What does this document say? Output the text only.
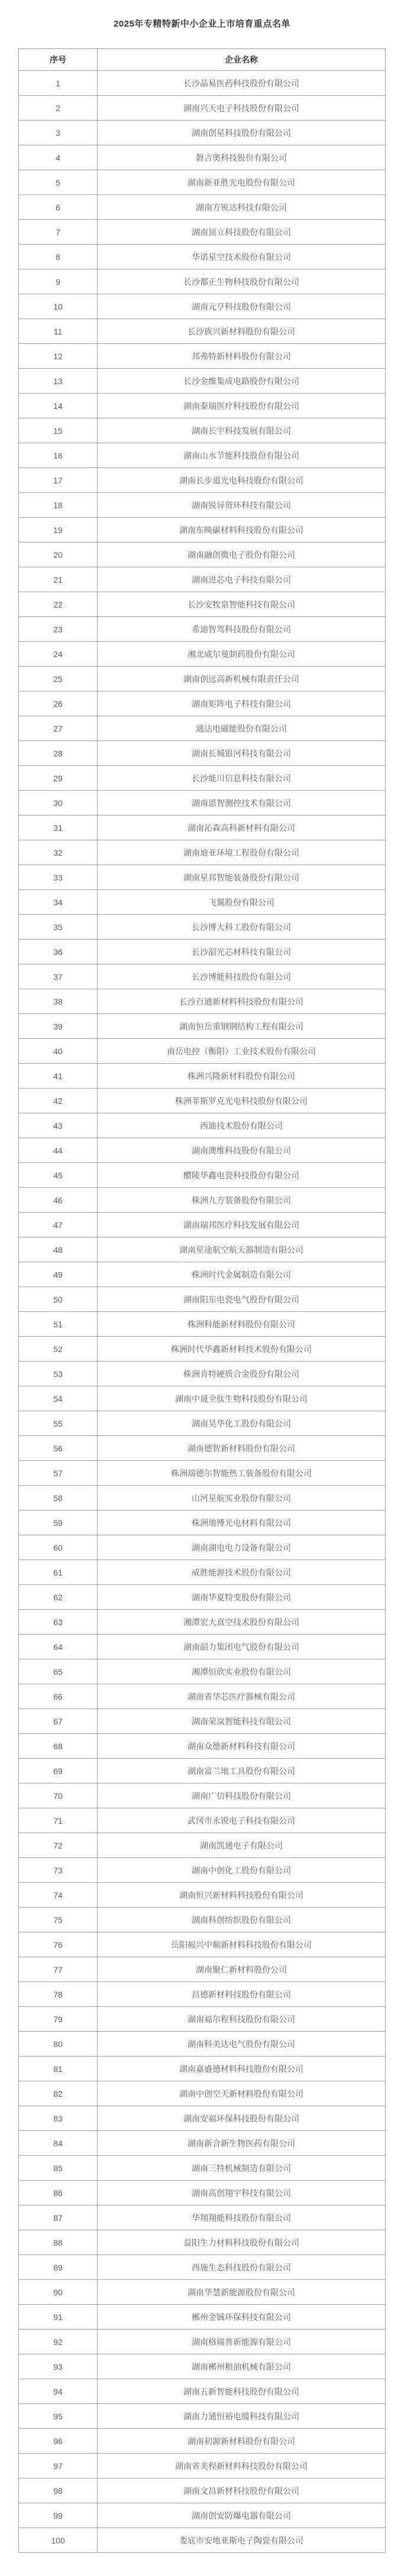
2025年专精特新中小企业上市培育重点名单
序号	企业名称
1	长沙晶易医药科技股份有限公司
2	湖南兴天电子科技股份有限公司
3	湖南创星科技股份有限公司
4	磐吉奥科技股份有限公司
5	湖南新亚胜光电股份有限公司
6	湖南方锐达科技有限公司
7	湖南顶立科技股份有限公司
8	华诺星空技术股份有限公司
9	长沙都正生物科技股份有限公司
10	湖南元亨科技股份有限公司
11	长沙族兴新材料股份有限公司
12	邦弗特新材料股份有限公司
13	长沙金维集成电路股份有限公司
14	湖南泰瑞医疗科技股份有限公司
15	湖南长宇科技发展有限公司
16	湖南山水节能科技股份有限公司
17	湖南长步道光电科技股份有限公司
18	湖南锐异资环科技有限公司
19	湖南东映碳材料科技股份有限公司
20	湖南融创微电子股份有限公司
21	湖南进芯电子科技有限公司
22	长沙安牧泉智能科技有限公司
23	希迪智驾科技股份有限公司
24	湘北威尔曼制药股份有限公司
25	湖南创远高新机械有限责任公司
26	湖南矩阵电子科技有限公司
27	通达电磁能股份有限公司
28	湖南长城银河科技有限公司
29	长沙能川信息科技有限公司
30	湖南恩智测控技术有限公司
31	湖南沁森高科新材料有限公司
32	湖南迪亚环境工程股份有限公司
33	湖南星邦智能装备股份有限公司
34	飞翼股份有限公司
35	长沙博大科工股份有限公司
36	长沙韶光芯材科技有限公司
37	长沙博能科技股份有限公司
38	长沙百通新材料科技股份有限公司
39	湖南恒岳重钢钢结构工程有限公司
40	南岳电控（衡阳）工业技术股份有限公司
41	株洲兴隆新材料股份有限公司
42	株洲菲斯罗克光电科技股份有限公司
43	西迪技术股份有限公司
44	湖南澳维科技股份有限公司
45	醴陵华鑫电瓷科技股份有限公司
46	株洲九方装备股份有限公司
47	湖南瑞邦医疗科技发展有限公司
48	湖南星途航空航天器制造有限公司
49	株洲时代金属制造有限公司
50	湖南阳东电瓷电气股份有限公司
51	株洲科能新材料股份有限公司
52	株洲时代华鑫新材料技术股份有限公司
53	株洲肯特硬质合金股份有限公司
54	湖南中晟全肽生物科技股份有限公司
55	湖南昊华化工股份有限公司
56	湖南德智新材料股份有限公司
57	株洲瑞德尔智能热工装备股份有限公司
58	山河星航实业股份有限公司
59	株洲地博光电材料有限公司
60	湖南湖电电力设备有限公司
61	威胜能源技术股份有限公司
62	湖南华夏特变股份有限公司
63	湘潭宏大真空技术股份有限公司
64	湖南韶力集团电气股份有限公司
65	湘潭恒欣实业股份有限公司
66	湖南省华芯医疗器械有限公司
67	湖南荣岚智能科技有限公司
68	湖南众德新材料科技有限公司
69	湖南富兰地工具股份有限公司
70	湖南广信科技股份有限公司
71	武冈市永锐电子科技有限公司
72	湖南凯通电子有限公司
73	湖南中创化工股份有限公司
74	湖南恒兴新材料科技股份有限公司
75	湖南科创纺织股份有限公司
76	岳阳振兴中顺新材料科技股份有限公司
77	湖南聚仁新材料股份公司
78	昌德新材科技股份有限公司
79	湖南福尔程科技股份有限公司
80	湖南科美达电气股份有限公司
81	湖南嘉盛德材料科技股份有限公司
82	湖南中创空天新材料股份有限公司
83	湖南安福环保科技股份有限公司
84	湖南新合新生物医药有限公司
85	湖南三特机械制造有限公司
86	湖南高创翔宇科技有限公司
87	华翔翔能科技股份有限公司
88	益阳生力材料科技股份有限公司
89	西施生态科技股份有限公司
90	湖南华慧新能源股份有限公司
91	郴州金铖环保科技有限公司
92	湖南格瑞普新能源有限公司
93	湖南郴州粮油机械有限公司
94	湖南五新智能科技股份有限公司
95	湖南力通恒裕电缆科技有限公司
96	湖南初源新材料股份有限公司
97	湖南省美程新材料科技股份有限公司
98	湖南文昌新材科技股份有限公司
99	湖南创安防爆电器有限公司
100	娄底市安地亚斯电子陶瓷有限公司
